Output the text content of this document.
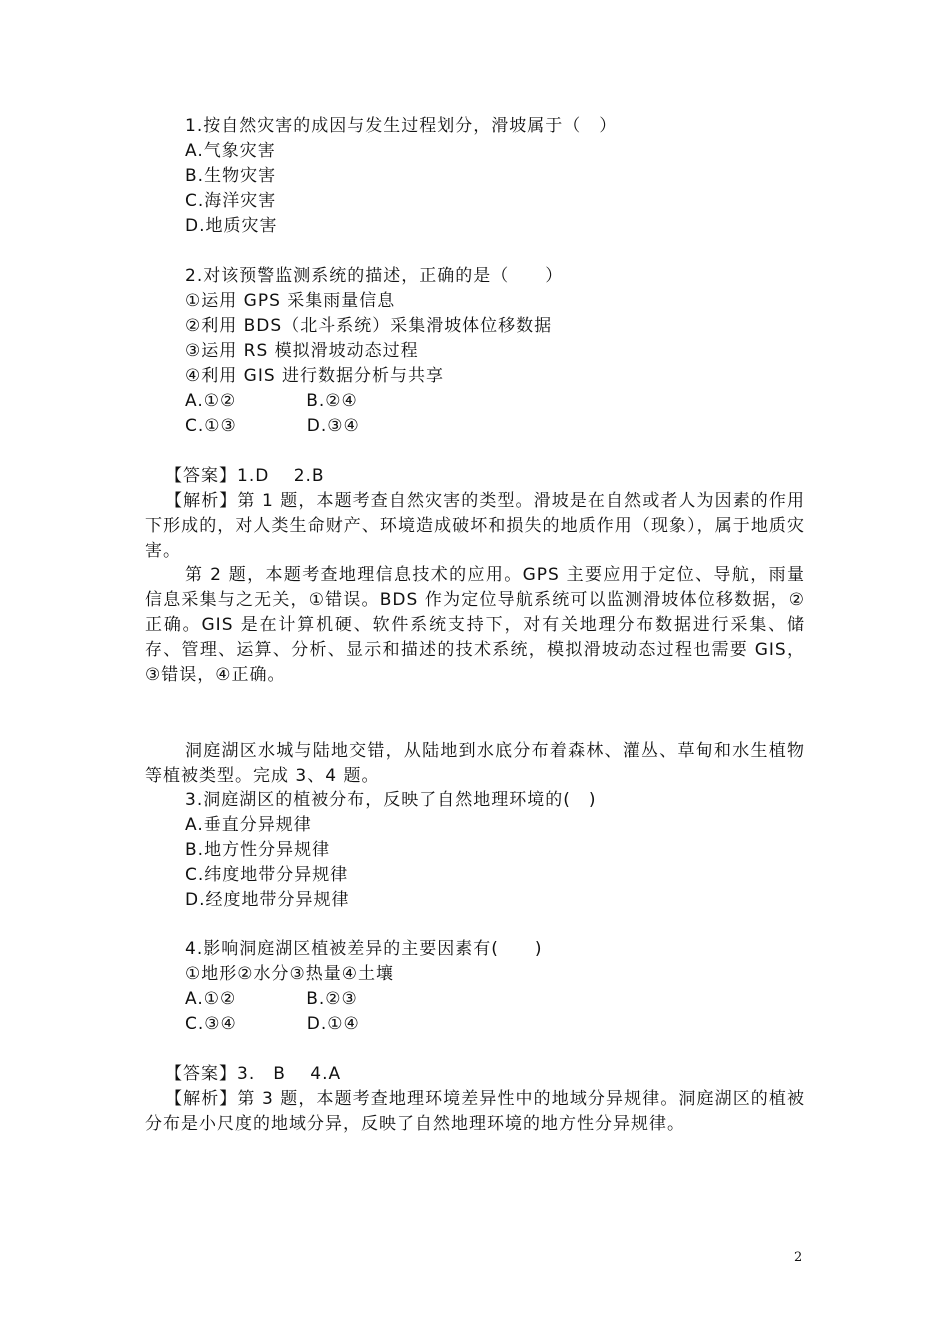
1.按自然灾害的成因与发生过程划分，滑坡属于（　）
A.气象灾害
B.生物灾害
C.海洋灾害
D.地质灾害
2.对该预警监测系统的描述，正确的是（　　）
①运用 GPS 采集雨量信息
②利用 BDS（北斗系统）采集滑坡体位移数据
③运用 RS 模拟滑坡动态过程
④利用 GIS 进行数据分析与共享
A.①②	B.②④
C.①③	D.③④
【答案】1.D　 2.B
【解析】第 1 题，本题考查自然灾害的类型。滑坡是在自然或者人为因素的作用下形成的，对人类生命财产、环境造成破坏和损失的地质作用（现象），属于地质灾害。
第 2 题，本题考查地理信息技术的应用。GPS 主要应用于定位、导航，雨量信息采集与之无关，①错误。BDS 作为定位导航系统可以监测滑坡体位移数据，②正确。GIS 是在计算机硬、软件系统支持下，对有关地理分布数据进行采集、储存、管理、运算、分析、显示和描述的技术系统，模拟滑坡动态过程也需要 GIS，③错误，④正确。
洞庭湖区水城与陆地交错，从陆地到水底分布着森林、灌丛、草甸和水生植物等植被类型。完成 3、4 题。
3.洞庭湖区的植被分布，反映了自然地理环境的(　)
A.垂直分异规律
B.地方性分异规律
C.纬度地带分异规律
D.经度地带分异规律
4.影响洞庭湖区植被差异的主要因素有(　　)
①地形②水分③热量④土壤
A.①②	B.②③
C.③④	D.①④
【答案】3.　B　 4.A
【解析】第 3 题，本题考查地理环境差异性中的地域分异规律。洞庭湖区的植被分布是小尺度的地域分异，反映了自然地理环境的地方性分异规律。
2
